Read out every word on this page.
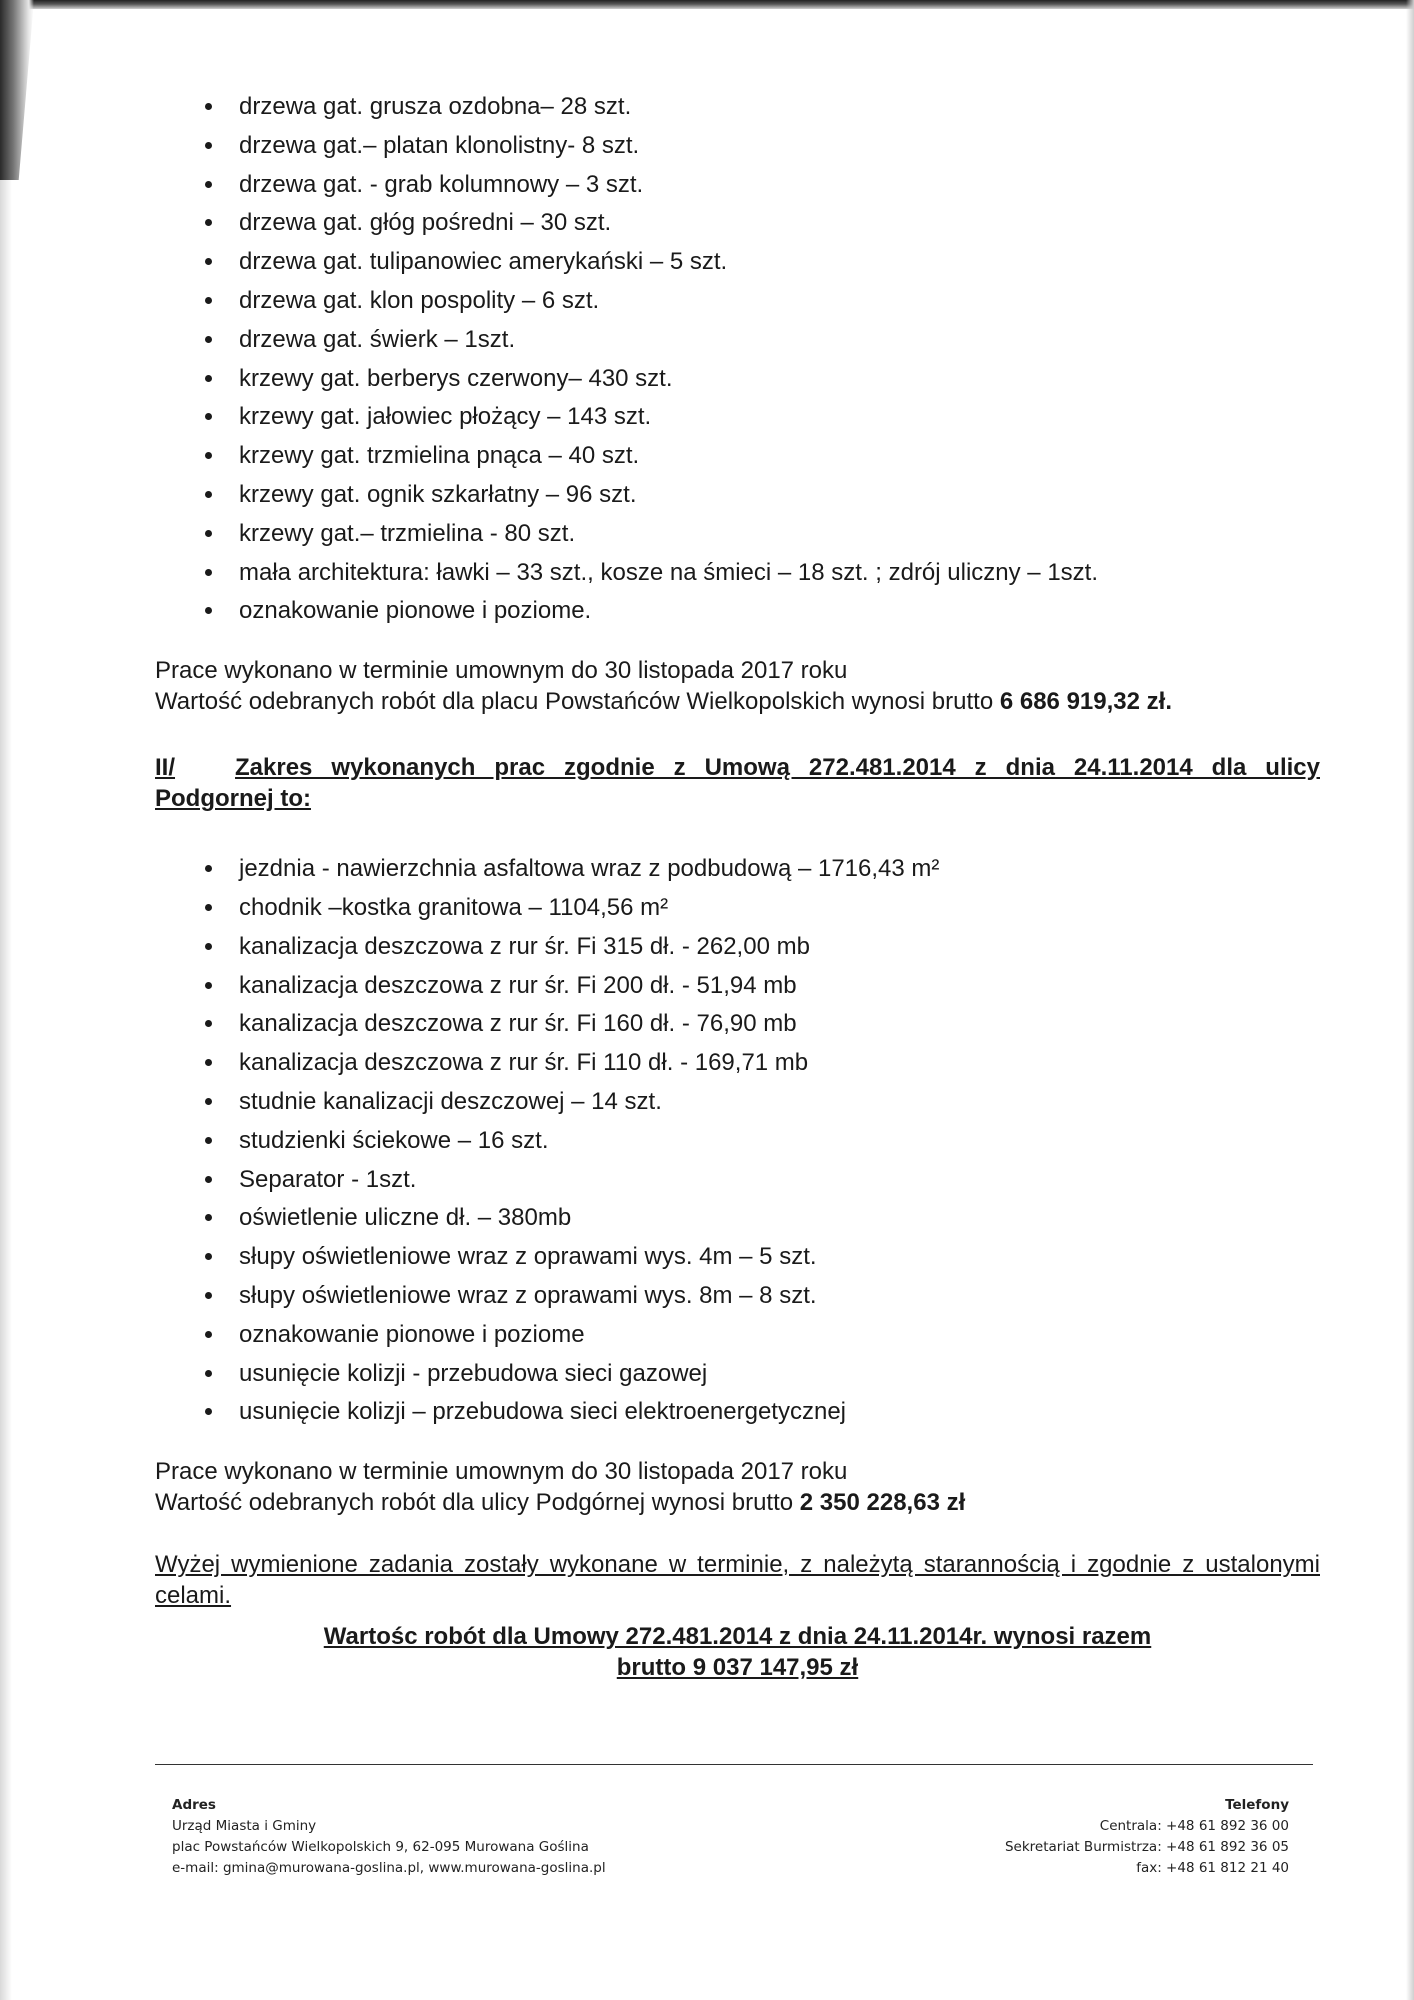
drzewa gat. grusza ozdobna– 28 szt.
drzewa gat.– platan klonolistny- 8 szt.
drzewa gat. - grab kolumnowy – 3 szt.
drzewa gat. głóg pośredni – 30 szt.
drzewa gat. tulipanowiec amerykański – 5 szt.
drzewa gat. klon pospolity – 6 szt.
drzewa gat. świerk – 1szt.
krzewy gat. berberys czerwony– 430 szt.
krzewy gat. jałowiec płożący – 143 szt.
krzewy gat. trzmielina pnąca – 40 szt.
krzewy gat. ognik szkarłatny – 96 szt.
krzewy gat.– trzmielina - 80 szt.
mała architektura: ławki – 33 szt., kosze na śmieci – 18 szt. ; zdrój uliczny – 1szt.
oznakowanie pionowe i poziome.

Prace wykonano w terminie umownym do 30 listopada 2017 roku

Wartość odebranych robót dla placu Powstańców Wielkopolskich wynosi brutto 6 686 919,32 zł.

II/	Zakres wykonanych prac zgodnie z Umową 272.481.2014 z dnia 24.11.2014 dla ulicy
Podgornej to:
jezdnia - nawierzchnia asfaltowa wraz z podbudową – 1716,43 m²
chodnik –kostka granitowa – 1104,56 m²
kanalizacja deszczowa z rur śr. Fi 315 dł. - 262,00 mb
kanalizacja deszczowa z rur śr. Fi 200 dł. - 51,94 mb
kanalizacja deszczowa z rur śr. Fi 160 dł. - 76,90 mb
kanalizacja deszczowa z rur śr. Fi 110 dł. - 169,71 mb
studnie kanalizacji deszczowej – 14 szt.
studzienki ściekowe – 16 szt.
Separator - 1szt.
oświetlenie uliczne dł. – 380mb
słupy oświetleniowe wraz z oprawami wys. 4m – 5 szt.
słupy oświetleniowe wraz z oprawami wys. 8m – 8 szt.
oznakowanie pionowe i poziome
usunięcie kolizji - przebudowa sieci gazowej
usunięcie kolizji – przebudowa sieci elektroenergetycznej

Prace wykonano w terminie umownym do 30 listopada 2017 roku

Wartość odebranych robót dla ulicy Podgórnej wynosi brutto 2 350 228,63 zł

Wyżej wymienione zadania zostały wykonane w terminie, z należytą starannością i zgodnie z ustalonymi celami.

Wartośc robót dla Umowy 272.481.2014 z dnia 24.11.2014r. wynosi razem

brutto 9 037 147,95 zł

Adres
Urząd Miasta i Gminy
plac Powstańców Wielkopolskich 9, 62-095 Murowana Goślina
e-mail: gmina@murowana-goslina.pl, www.murowana-goslina.pl
Telefony
Centrala: +48 61 892 36 00
Sekretariat Burmistrza: +48 61 892 36 05
fax: +48 61 812 21 40
